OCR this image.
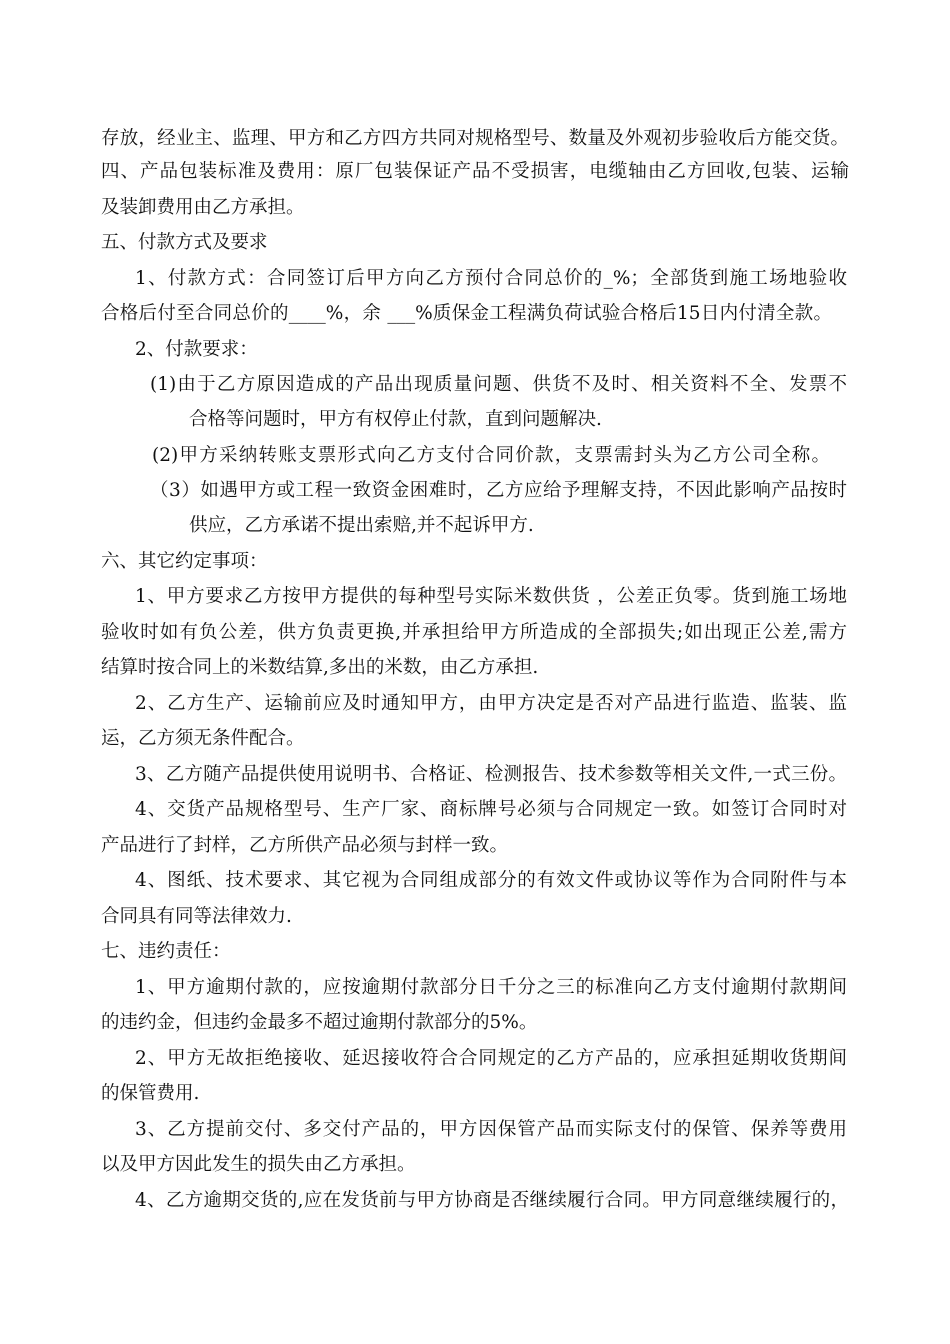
存放，经业主、监理、甲方和乙方四方共同对规格型号、数量及外观初步验收后方能交货。
四、产品包装标准及费用：原厂包装保证产品不受损害，电缆轴由乙方回收,包装、运输
及装卸费用由乙方承担。
五、付款方式及要求
1、付款方式：合同签订后甲方向乙方预付合同总价的_%；全部货到施工场地验收
合格后付至合同总价的____%，余 ___%质保金工程满负荷试验合格后15日内付清全款。
2、付款要求：
(1)由于乙方原因造成的产品出现质量问题、供货不及时、相关资料不全、发票不
合格等问题时，甲方有权停止付款，直到问题解决.
(2)甲方采纳转账支票形式向乙方支付合同价款，支票需封头为乙方公司全称。
（3）如遇甲方或工程一致资金困难时，乙方应给予理解支持，不因此影响产品按时
供应，乙方承诺不提出索赔,并不起诉甲方.
六、其它约定事项：
1、甲方要求乙方按甲方提供的每种型号实际米数供货 ，公差正负零。货到施工场地
验收时如有负公差，供方负责更换,并承担给甲方所造成的全部损失;如出现正公差,需方
结算时按合同上的米数结算,多出的米数，由乙方承担.
2、乙方生产、运输前应及时通知甲方，由甲方决定是否对产品进行监造、监装、监
运，乙方须无条件配合。
3、乙方随产品提供使用说明书、合格证、检测报告、技术参数等相关文件,一式三份。
4、交货产品规格型号、生产厂家、商标牌号必须与合同规定一致。如签订合同时对
产品进行了封样，乙方所供产品必须与封样一致。
4、图纸、技术要求、其它视为合同组成部分的有效文件或协议等作为合同附件与本
合同具有同等法律效力.
七、违约责任：
1、甲方逾期付款的，应按逾期付款部分日千分之三的标准向乙方支付逾期付款期间
的违约金，但违约金最多不超过逾期付款部分的5%。
2、甲方无故拒绝接收、延迟接收符合合同规定的乙方产品的，应承担延期收货期间
的保管费用.
3、乙方提前交付、多交付产品的，甲方因保管产品而实际支付的保管、保养等费用
以及甲方因此发生的损失由乙方承担。
4、乙方逾期交货的,应在发货前与甲方协商是否继续履行合同。甲方同意继续履行的，
